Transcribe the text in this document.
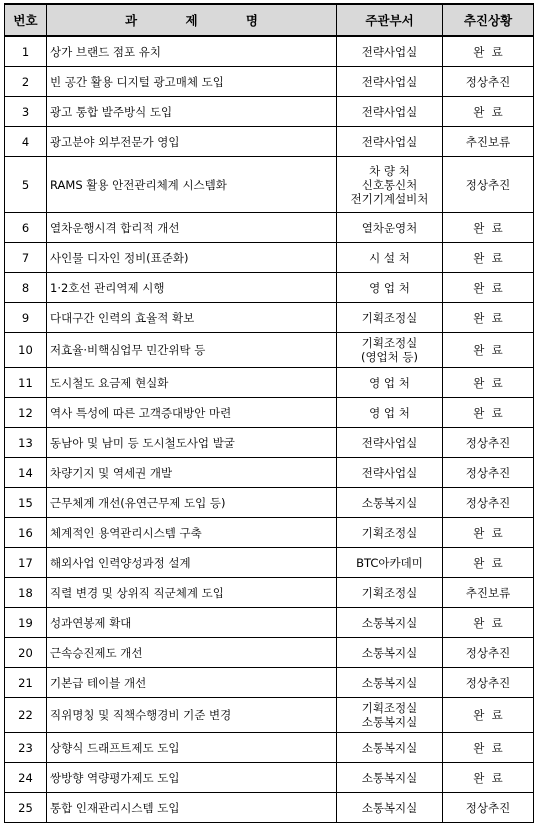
번호	과 제 명	주관부서	추진상황
1	상가 브랜드 점포 유치	전략사업실	완  료
2	빈 공간 활용 디지털 광고매체 도입	전략사업실	정상추진
3	광고 통합 발주방식 도입	전략사업실	완  료
4	광고분야 외부전문가 영입	전략사업실	추진보류
5	RAMS 활용 안전관리체계 시스템화	차 량 처
신호통신처
전기기계설비처	정상추진
6	열차운행시격 합리적 개선	열차운영처	완  료
7	사인물 디자인 정비(표준화)	시 설 처	완  료
8	1·2호선 관리역제 시행	영 업 처	완  료
9	다대구간 인력의 효율적 확보	기획조정실	완  료
10	저효율·비핵심업무 민간위탁 등	기획조정실
(영업처 등)	완  료
11	도시철도 요금제 현실화	영 업 처	완  료
12	역사 특성에 따른 고객증대방안 마련	영 업 처	완  료
13	동남아 및 남미 등 도시철도사업 발굴	전략사업실	정상추진
14	차량기지 및 역세권 개발	전략사업실	정상추진
15	근무체계 개선(유연근무제 도입 등)	소통복지실	정상추진
16	체계적인 용역관리시스템 구축	기획조정실	완  료
17	해외사업 인력양성과정 설계	BTC아카데미	완  료
18	직렬 변경 및 상위직 직군체계 도입	기획조정실	추진보류
19	성과연봉제 확대	소통복지실	완  료
20	근속승진제도 개선	소통복지실	정상추진
21	기본급 테이블 개선	소통복지실	정상추진
22	직위명칭 및 직책수행경비 기준 변경	기획조정실
소통복지실	완  료
23	상향식 드래프트제도 도입	소통복지실	완  료
24	쌍방향 역량평가제도 도입	소통복지실	완  료
25	통합 인재관리시스템 도입	소통복지실	정상추진
